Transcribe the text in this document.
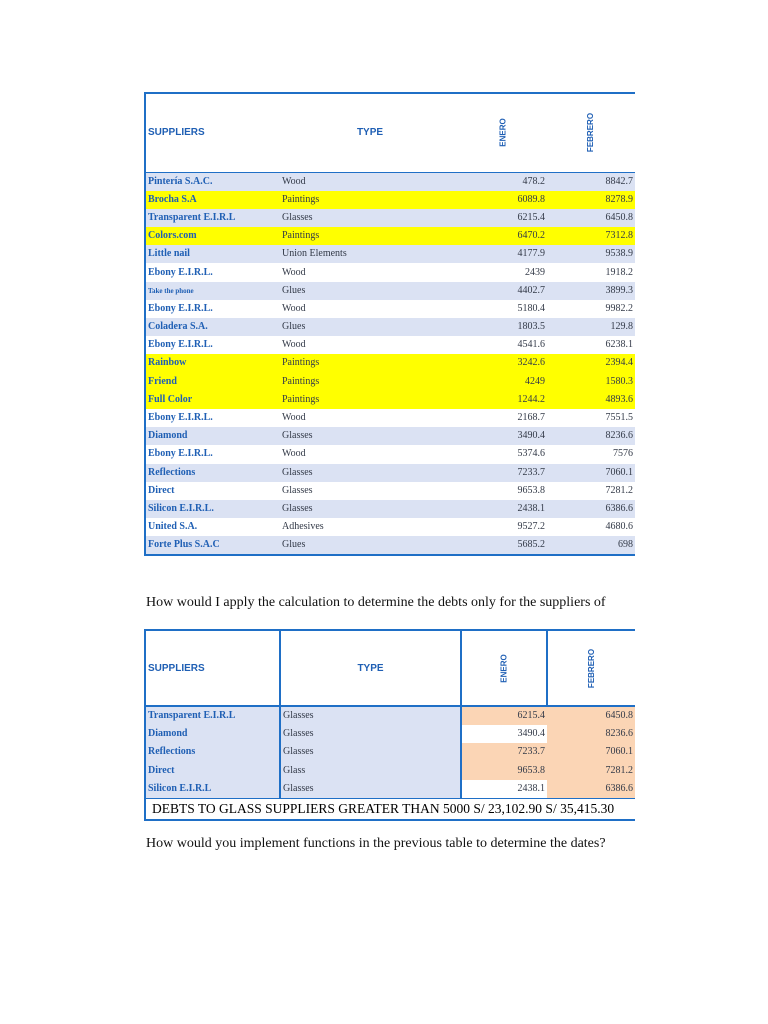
SUPPLIERS	TYPE	ENERO	FEBRERO
Pintería S.A.C.	Wood	478.2	8842.7
Brocha S.A	Paintings	6089.8	8278.9
Transparent E.I.R.L	Glasses	6215.4	6450.8
Colors.com	Paintings	6470.2	7312.8
Little nail	Union Elements	4177.9	9538.9
Ebony E.I.R.L.	Wood	2439	1918.2
Take the phone	Glues	4402.7	3899.3
Ebony E.I.R.L.	Wood	5180.4	9982.2
Coladera S.A.	Glues	1803.5	129.8
Ebony E.I.R.L.	Wood	4541.6	6238.1
Rainbow	Paintings	3242.6	2394.4
Friend	Paintings	4249	1580.3
Full Color	Paintings	1244.2	4893.6
Ebony E.I.R.L.	Wood	2168.7	7551.5
Diamond	Glasses	3490.4	8236.6
Ebony E.I.R.L.	Wood	5374.6	7576
Reflections	Glasses	7233.7	7060.1
Direct	Glasses	9653.8	7281.2
Silicon E.I.R.L.	Glasses	2438.1	6386.6
United S.A.	Adhesives	9527.2	4680.6
Forte Plus S.A.C	Glues	5685.2	698
How would I apply the calculation to determine the debts only for the suppliers of
SUPPLIERS	TYPE	ENERO	FEBRERO
Transparent E.I.R.L	Glasses	6215.4	6450.8
Diamond	Glasses	3490.4	8236.6
Reflections	Glasses	7233.7	7060.1
Direct	Glass	9653.8	7281.2
Silicon E.I.R.L	Glasses	2438.1	6386.6
DEBTS TO GLASS SUPPLIERS GREATER THAN 5000 S/ 23,102.90 S/ 35,415.30			
How would you implement functions in the previous table to determine the dates?
